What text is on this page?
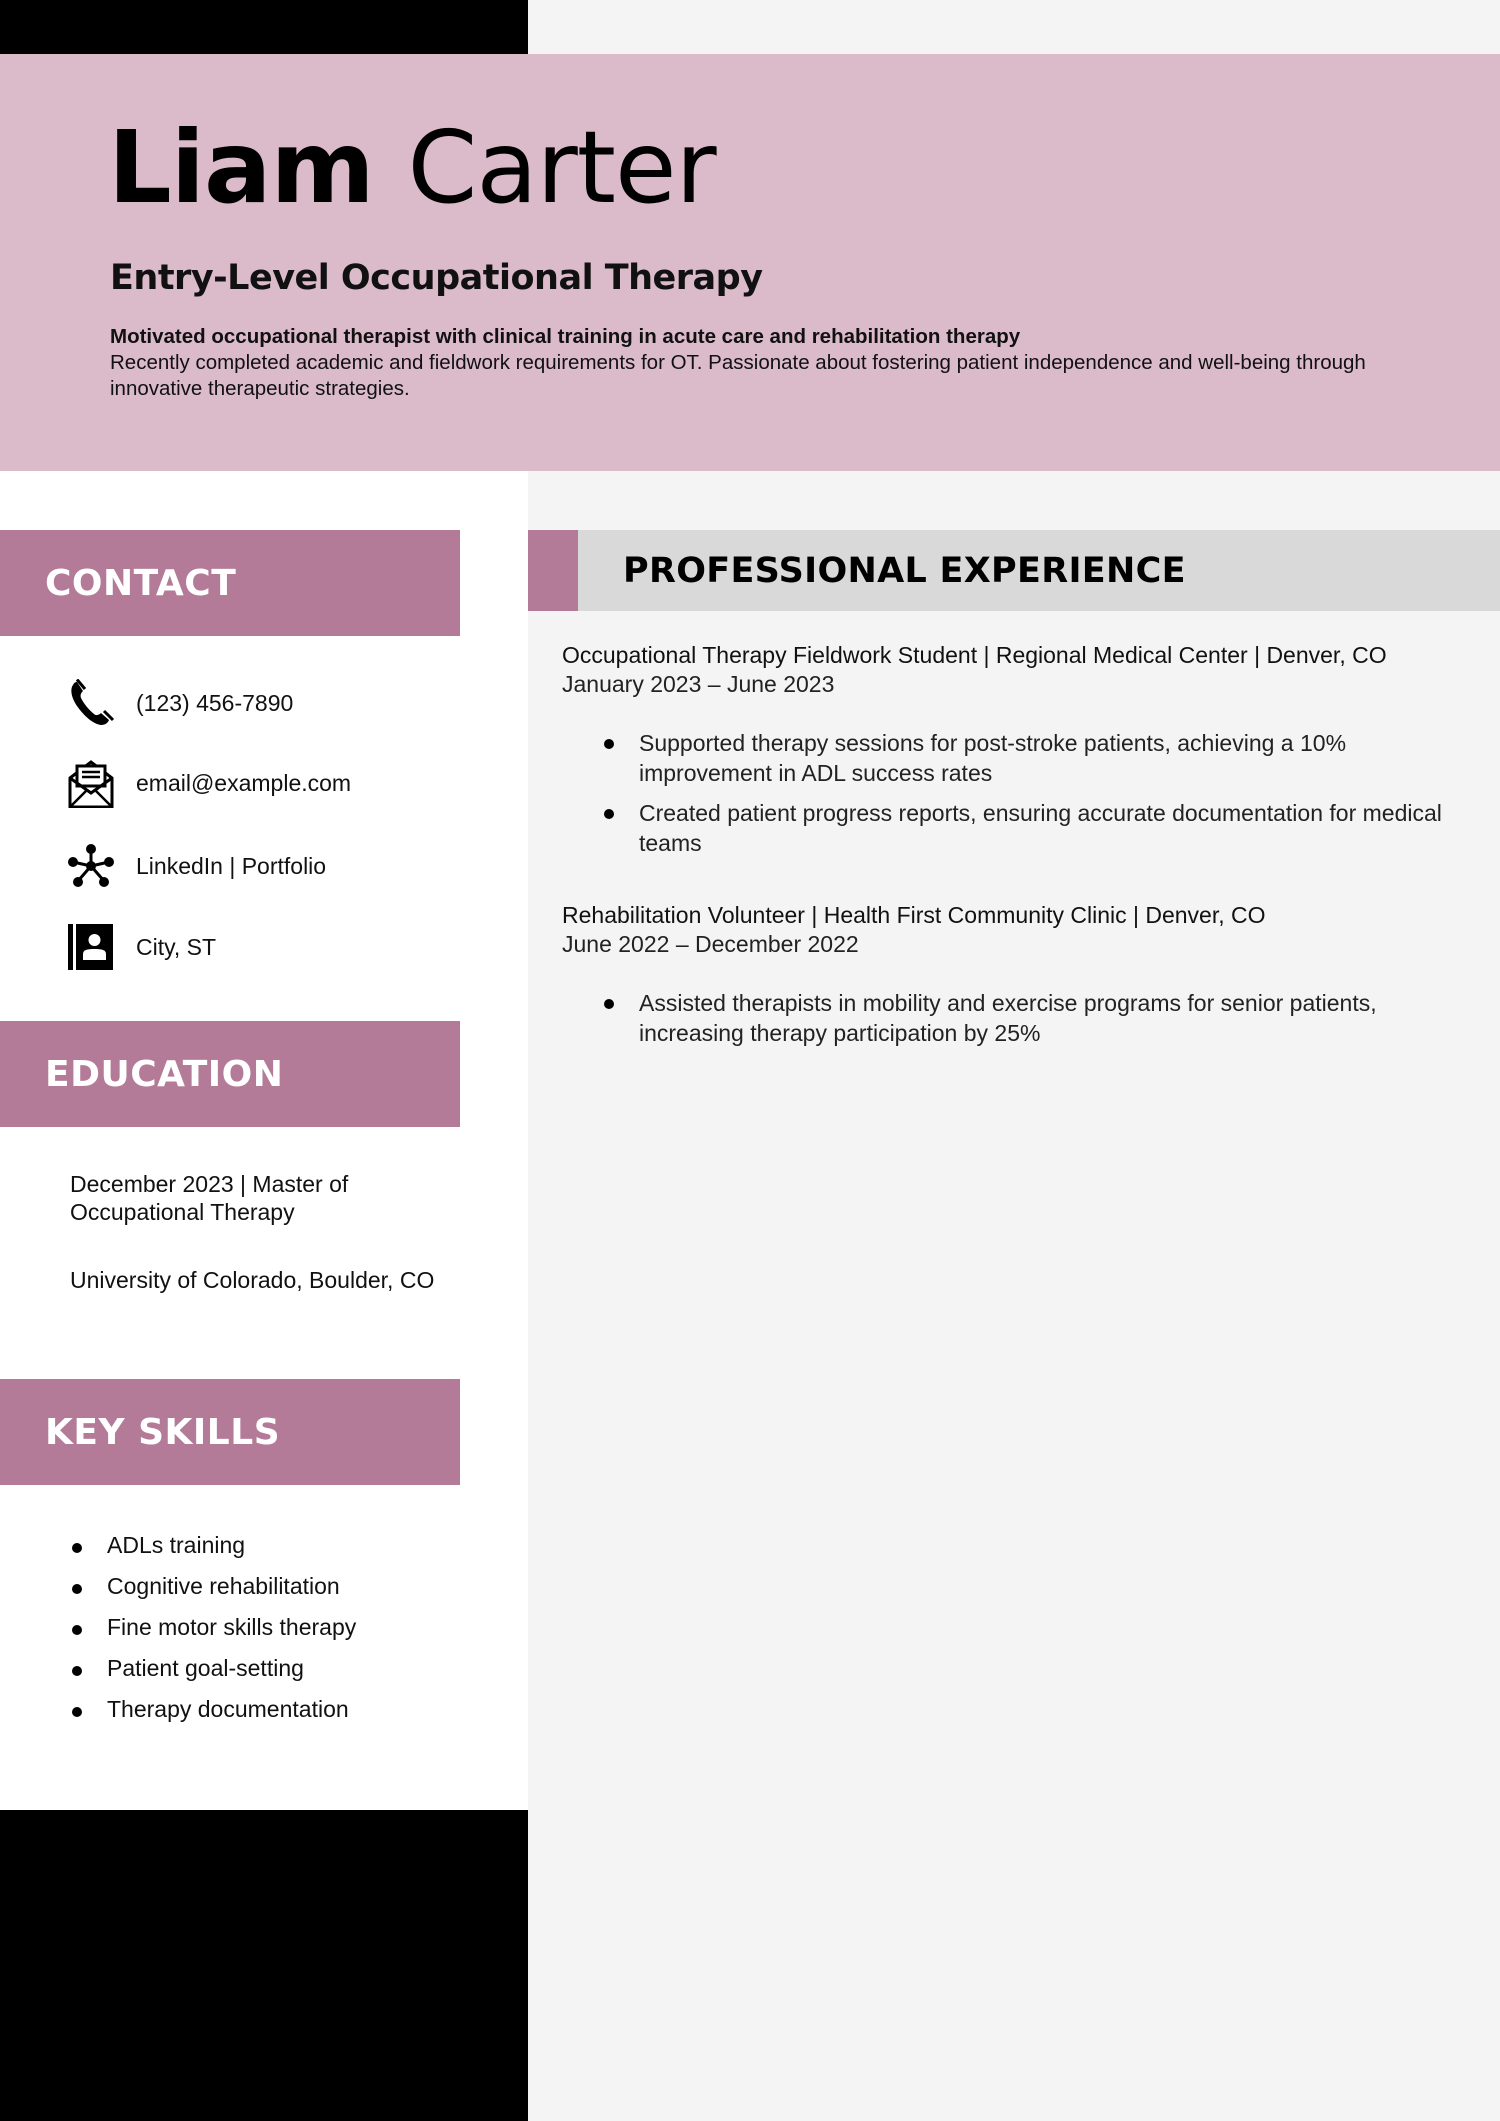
Liam Carter
Entry-Level Occupational Therapy

Motivated occupational therapist with clinical training in acute care and rehabilitation therapy
Recently completed academic and fieldwork requirements for OT. Passionate about fostering patient independence and well-being through innovative therapeutic strategies.

CONTACT
(123) 456-7890
email@example.com
LinkedIn | Portfolio
City, ST
EDUCATION

December 2023 | Master of Occupational Therapy

University of Colorado, Boulder, CO

KEY SKILLS
ADLs training
Cognitive rehabilitation
Fine motor skills therapy
Patient goal-setting
Therapy documentation
PROFESSIONAL EXPERIENCE
Occupational Therapy Fieldwork Student | Regional Medical Center | Denver, CO
January 2023 – June 2023
Supported therapy sessions for post-stroke patients, achieving a 10% improvement in ADL success rates
Created patient progress reports, ensuring accurate documentation for medical teams
Rehabilitation Volunteer | Health First Community Clinic | Denver, CO
June 2022 – December 2022
Assisted therapists in mobility and exercise programs for senior patients, increasing therapy participation by 25%
